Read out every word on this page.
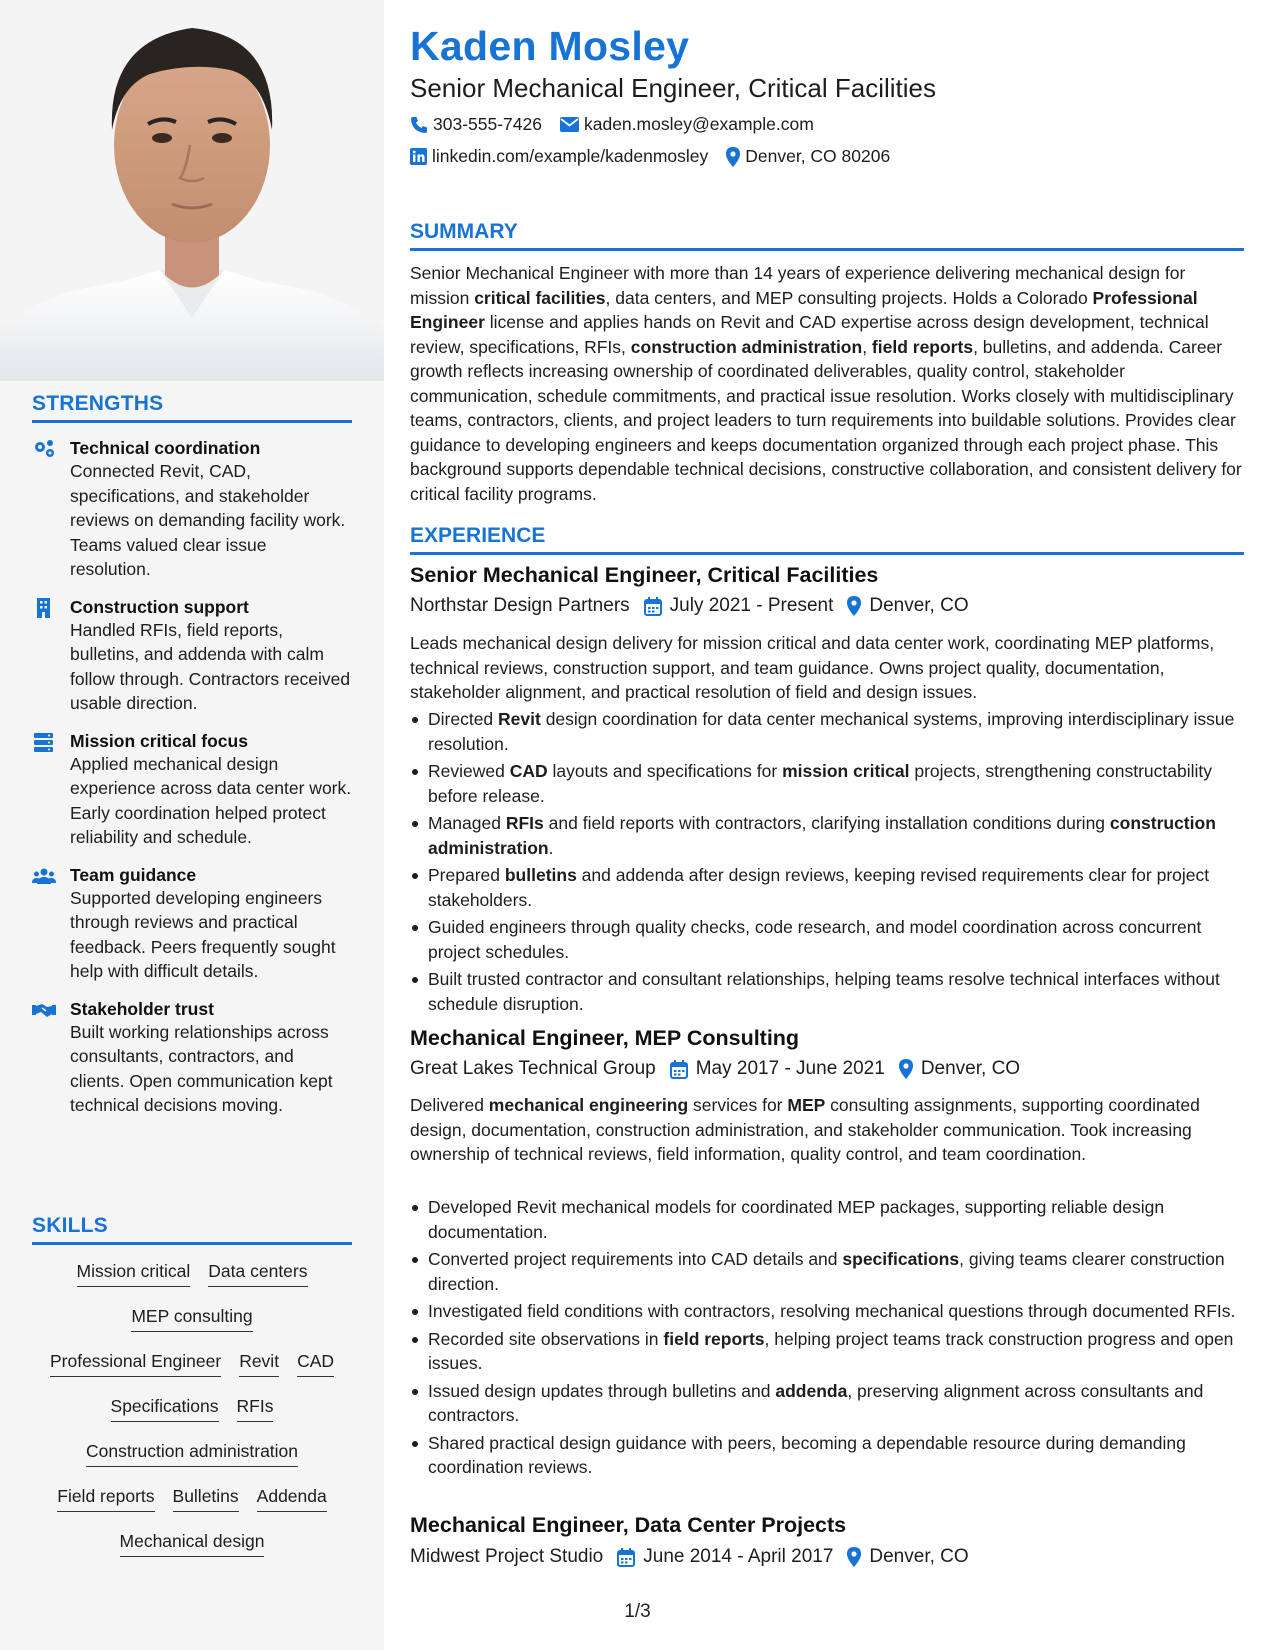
STRENGTHS
Technical coordination
Connected Revit, CAD, specifications, and stakeholder reviews on demanding facility work. Teams valued clear issue resolution.
Construction support
Handled RFIs, field reports, bulletins, and addenda with calm follow through. Contractors received usable direction.
Mission critical focus
Applied mechanical design experience across data center work. Early coordination helped protect reliability and schedule.
Team guidance
Supported developing engineers through reviews and practical feedback. Peers frequently sought help with difficult details.
Stakeholder trust
Built working relationships across consultants, contractors, and clients. Open communication kept technical decisions moving.
SKILLS
Mission critical Data centers
MEP consulting
Professional Engineer Revit CAD
Specifications RFIs
Construction administration
Field reports Bulletins Addenda
Mechanical design
Kaden Mosley
Senior Mechanical Engineer, Critical Facilities
303-555-7426 kaden.mosley@example.com
linkedin.com/example/kadenmosley Denver, CO 80206
SUMMARY
Senior Mechanical Engineer with more than 14 years of experience delivering mechanical design for mission critical facilities, data centers, and MEP consulting projects. Holds a Colorado Professional Engineer license and applies hands on Revit and CAD expertise across design development, technical review, specifications, RFIs, construction administration, field reports, bulletins, and addenda. Career growth reflects increasing ownership of coordinated deliverables, quality control, stakeholder communication, schedule commitments, and practical issue resolution. Works closely with multidisciplinary teams, contractors, clients, and project leaders to turn requirements into buildable solutions. Provides clear guidance to developing engineers and keeps documentation organized through each project phase. This background supports dependable technical decisions, constructive collaboration, and consistent delivery for critical facility programs.
EXPERIENCE
Senior Mechanical Engineer, Critical Facilities
Northstar Design Partners July 2021 - Present Denver, CO
Leads mechanical design delivery for mission critical and data center work, coordinating MEP platforms, technical reviews, construction support, and team guidance. Owns project quality, documentation, stakeholder alignment, and practical resolution of field and design issues.
Directed Revit design coordination for data center mechanical systems, improving interdisciplinary issue resolution.
Reviewed CAD layouts and specifications for mission critical projects, strengthening constructability before release.
Managed RFIs and field reports with contractors, clarifying installation conditions during construction administration.
Prepared bulletins and addenda after design reviews, keeping revised requirements clear for project stakeholders.
Guided engineers through quality checks, code research, and model coordination across concurrent project schedules.
Built trusted contractor and consultant relationships, helping teams resolve technical interfaces without schedule disruption.
Mechanical Engineer, MEP Consulting
Great Lakes Technical Group May 2017 - June 2021 Denver, CO
Delivered mechanical engineering services for MEP consulting assignments, supporting coordinated design, documentation, construction administration, and stakeholder communication. Took increasing ownership of technical reviews, field information, quality control, and team coordination.
Developed Revit mechanical models for coordinated MEP packages, supporting reliable design documentation.
Converted project requirements into CAD details and specifications, giving teams clearer construction direction.
Investigated field conditions with contractors, resolving mechanical questions through documented RFIs.
Recorded site observations in field reports, helping project teams track construction progress and open issues.
Issued design updates through bulletins and addenda, preserving alignment across consultants and contractors.
Shared practical design guidance with peers, becoming a dependable resource during demanding coordination reviews.
Mechanical Engineer, Data Center Projects
Midwest Project Studio June 2014 - April 2017 Denver, CO
1/3
